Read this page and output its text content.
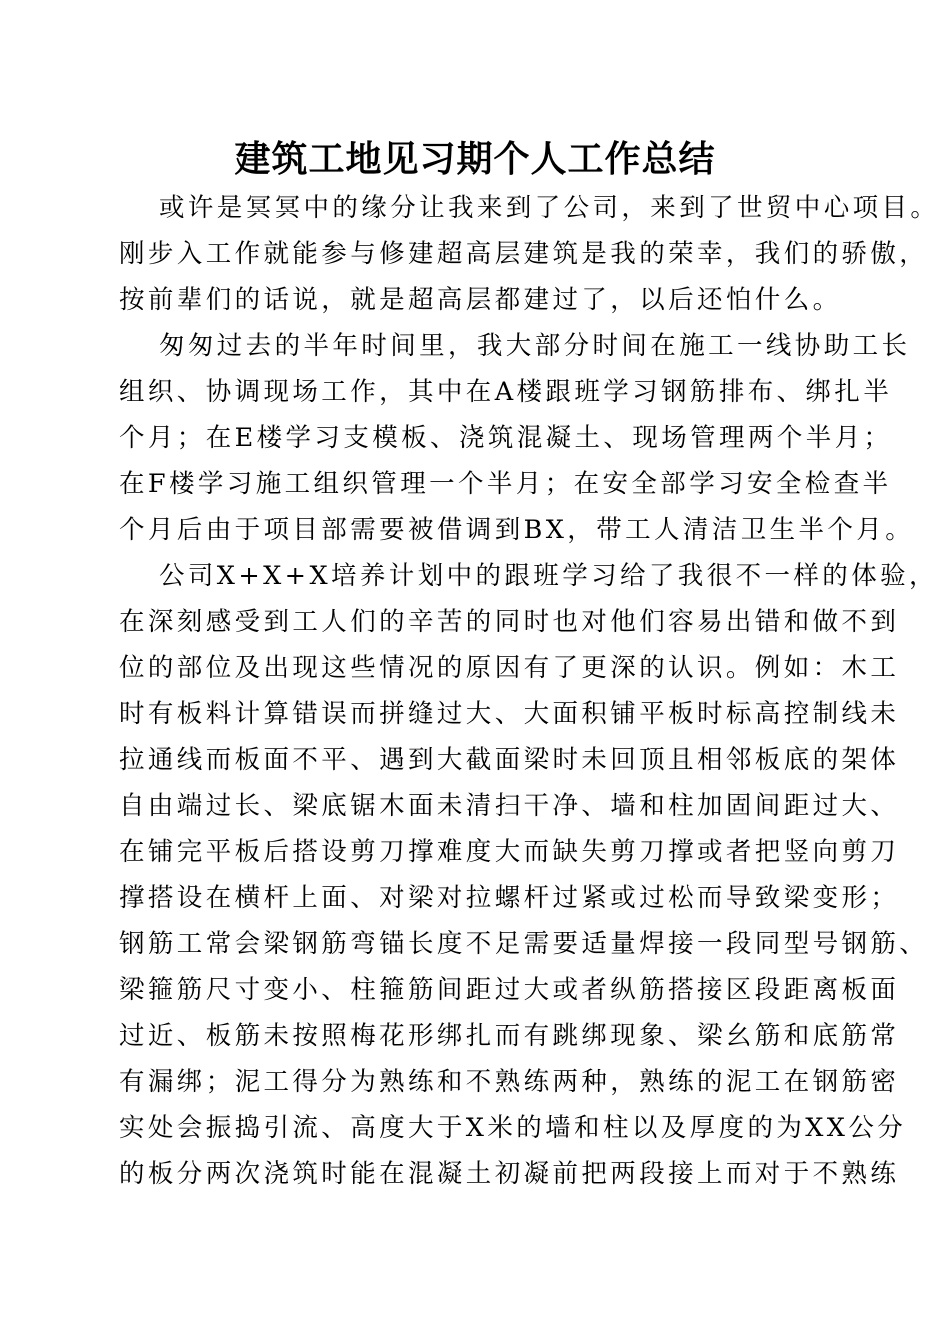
建筑工地见习期个人工作总结
或许是冥冥中的缘分让我来到了公司，来到了世贸中心项目。
刚步入工作就能参与修建超高层建筑是我的荣幸，我们的骄傲，
按前辈们的话说，就是超高层都建过了，以后还怕什么。
匆匆过去的半年时间里，我大部分时间在施工一线协助工长
组织、协调现场工作，其中在A楼跟班学习钢筋排布、绑扎半
个月；在E楼学习支模板、浇筑混凝土、现场管理两个半月；
在F楼学习施工组织管理一个半月；在安全部学习安全检查半
个月后由于项目部需要被借调到BX，带工人清洁卫生半个月。
公司X+X+X培养计划中的跟班学习给了我很不一样的体验，
在深刻感受到工人们的辛苦的同时也对他们容易出错和做不到
位的部位及出现这些情况的原因有了更深的认识。例如：木工
时有板料计算错误而拼缝过大、大面积铺平板时标高控制线未
拉通线而板面不平、遇到大截面梁时未回顶且相邻板底的架体
自由端过长、梁底锯木面未清扫干净、墙和柱加固间距过大、
在铺完平板后搭设剪刀撑难度大而缺失剪刀撑或者把竖向剪刀
撑搭设在横杆上面、对梁对拉螺杆过紧或过松而导致梁变形；
钢筋工常会梁钢筋弯锚长度不足需要适量焊接一段同型号钢筋、
梁箍筋尺寸变小、柱箍筋间距过大或者纵筋搭接区段距离板面
过近、板筋未按照梅花形绑扎而有跳绑现象、梁幺筋和底筋常
有漏绑；泥工得分为熟练和不熟练两种，熟练的泥工在钢筋密
实处会振捣引流、高度大于X米的墙和柱以及厚度的为XX公分
的板分两次浇筑时能在混凝土初凝前把两段接上而对于不熟练
